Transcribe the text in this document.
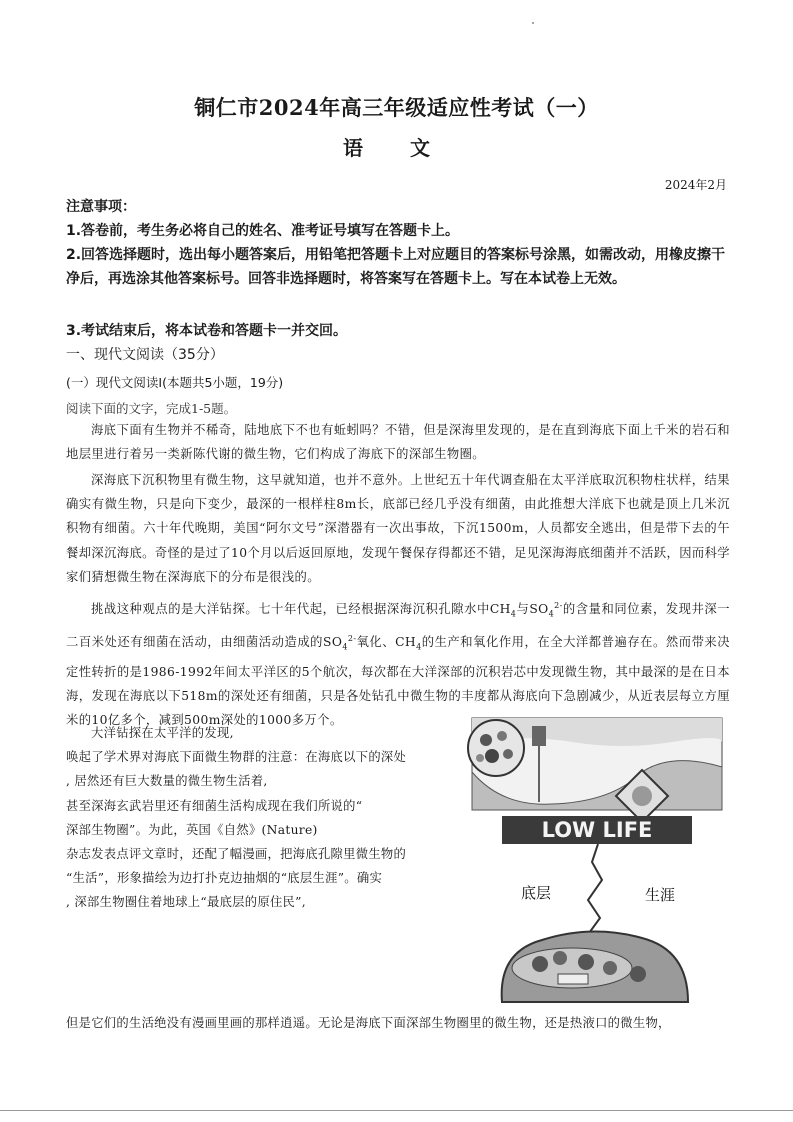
铜仁市2024年高三年级适应性考试（一）
语 文
2024年2月
注意事项：
1.答卷前，考生务必将自己的姓名、准考证号填写在答题卡上。
2.回答选择题时，选出每小题答案后，用铅笔把答题卡上对应题目的答案标号涂黑，如需改动，用橡皮擦干净后，再选涂其他答案标号。回答非选择题时，将答案写在答题卡上。写在本试卷上无效。
3.考试结束后，将本试卷和答题卡一并交回。
一、现代文阅读（35分）
(一）现代文阅读Ⅰ(本题共5小题，19分)
阅读下面的文字，完成1-5题。
海底下面有生物并不稀奇，陆地底下不也有蚯蚓吗？不错，但是深海里发现的，是在直到海底下面上千米的岩石和地层里进行着另一类新陈代谢的微生物，它们构成了海底下的深部生物圈。
深海底下沉积物里有微生物，这早就知道，也并不意外。上世纪五十年代调查船在太平洋底取沉积物柱状样，结果确实有微生物，只是向下变少，最深的一根样柱8m长，底部已经几乎没有细菌，由此推想大洋底下也就是顶上几米沉积物有细菌。六十年代晚期，美国“阿尔文号”深潜器有一次出事故，下沉1500m，人员都安全逃出，但是带下去的午餐却深沉海底。奇怪的是过了10个月以后返回原地，发现午餐保存得都还不错，足见深海海底细菌并不活跃，因而科学家们猜想微生物在深海底下的分布是很浅的。
挑战这种观点的是大洋钻探。七十年代起，已经根据深海沉积孔隙水中$CH_4$与$SO_4^{2-}$的含量和同位素，发现井深一二百米处还有细菌在活动，由细菌活动造成的$SO_4^{2-}$氧化、$CH_4$的生产和氧化作用，在全大洋都普遍存在。然而带来决定性转折的是1986-1992年间太平洋区的5个航次，每次都在大洋深部的沉积岩芯中发现微生物，其中最深的是在日本海，发现在海底以下518m的深处还有细菌，只是各处钻孔中微生物的丰度都从海底向下急剧减少，从近表层每立方厘米的10亿多个，减到500m深处的1000多万个。
大洋钻探在太平洋的发现,
唤起了学术界对海底下面微生物群的注意：在海底以下的深处
, 居然还有巨大数量的微生物生活着,
甚至深海玄武岩里还有细菌生活构成现在我们所说的“
深部生物圈”。为此，英国《自然》(Nature)
杂志发表点评文章时，还配了幅漫画，把海底孔隙里微生物的
“生活”，形象描绘为边打扑克边抽烟的“底层生涯”。确实
, 深部生物圈住着地球上“最底层的原住民”,
LOW LIFE
底层	生涯
但是它们的生活绝没有漫画里画的那样逍遥。无论是海底下面深部生物圈里的微生物，还是热液口的微生物，
